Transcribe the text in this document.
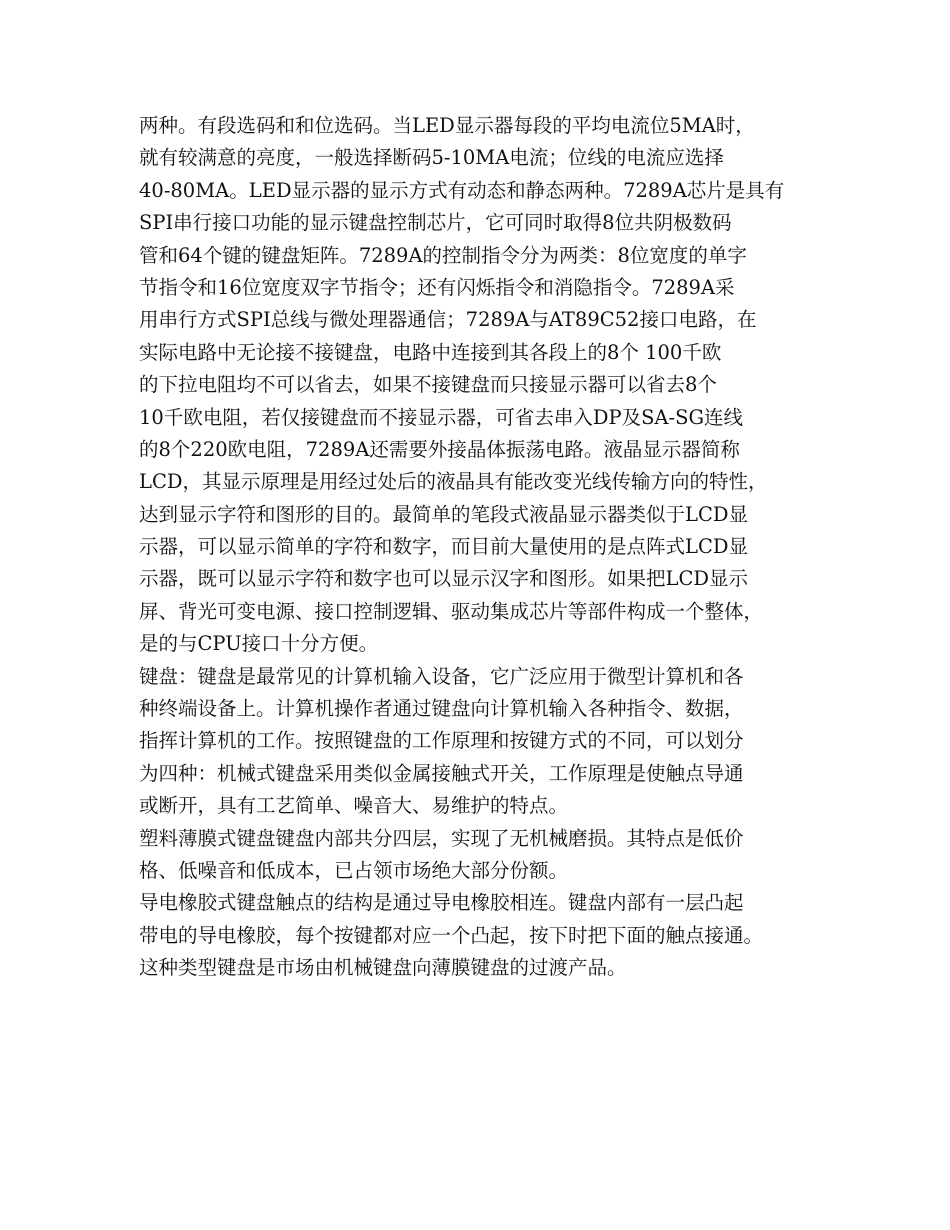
两种。有段选码和和位选码。当LED显示器每段的平均电流位5MA时，
就有较满意的亮度，一般选择断码5-10MA电流；位线的电流应选择
40-80MA。LED显示器的显示方式有动态和静态两种。7289A芯片是具有
SPI串行接口功能的显示键盘控制芯片，它可同时取得8位共阴极数码
管和64个键的键盘矩阵。7289A的控制指令分为两类：8位宽度的单字
节指令和16位宽度双字节指令；还有闪烁指令和消隐指令。7289A采
用串行方式SPI总线与微处理器通信；7289A与AT89C52接口电路，在
实际电路中无论接不接键盘，电路中连接到其各段上的8个 100千欧
的下拉电阻均不可以省去，如果不接键盘而只接显示器可以省去8个
10千欧电阻，若仅接键盘而不接显示器，可省去串入DP及SA-SG连线
的8个220欧电阻，7289A还需要外接晶体振荡电路。液晶显示器简称
LCD，其显示原理是用经过处后的液晶具有能改变光线传输方向的特性，
达到显示字符和图形的目的。最简单的笔段式液晶显示器类似于LCD显
示器，可以显示简单的字符和数字，而目前大量使用的是点阵式LCD显
示器，既可以显示字符和数字也可以显示汉字和图形。如果把LCD显示
屏、背光可变电源、接口控制逻辑、驱动集成芯片等部件构成一个整体，
是的与CPU接口十分方便。
键盘：键盘是最常见的计算机输入设备，它广泛应用于微型计算机和各
种终端设备上。计算机操作者通过键盘向计算机输入各种指令、数据，
指挥计算机的工作。按照键盘的工作原理和按键方式的不同，可以划分
为四种：机械式键盘采用类似金属接触式开关，工作原理是使触点导通
或断开，具有工艺简单、噪音大、易维护的特点。
塑料薄膜式键盘键盘内部共分四层，实现了无机械磨损。其特点是低价
格、低噪音和低成本，已占领市场绝大部分份额。
导电橡胶式键盘触点的结构是通过导电橡胶相连。键盘内部有一层凸起
带电的导电橡胶，每个按键都对应一个凸起，按下时把下面的触点接通。
这种类型键盘是市场由机械键盘向薄膜键盘的过渡产品。
